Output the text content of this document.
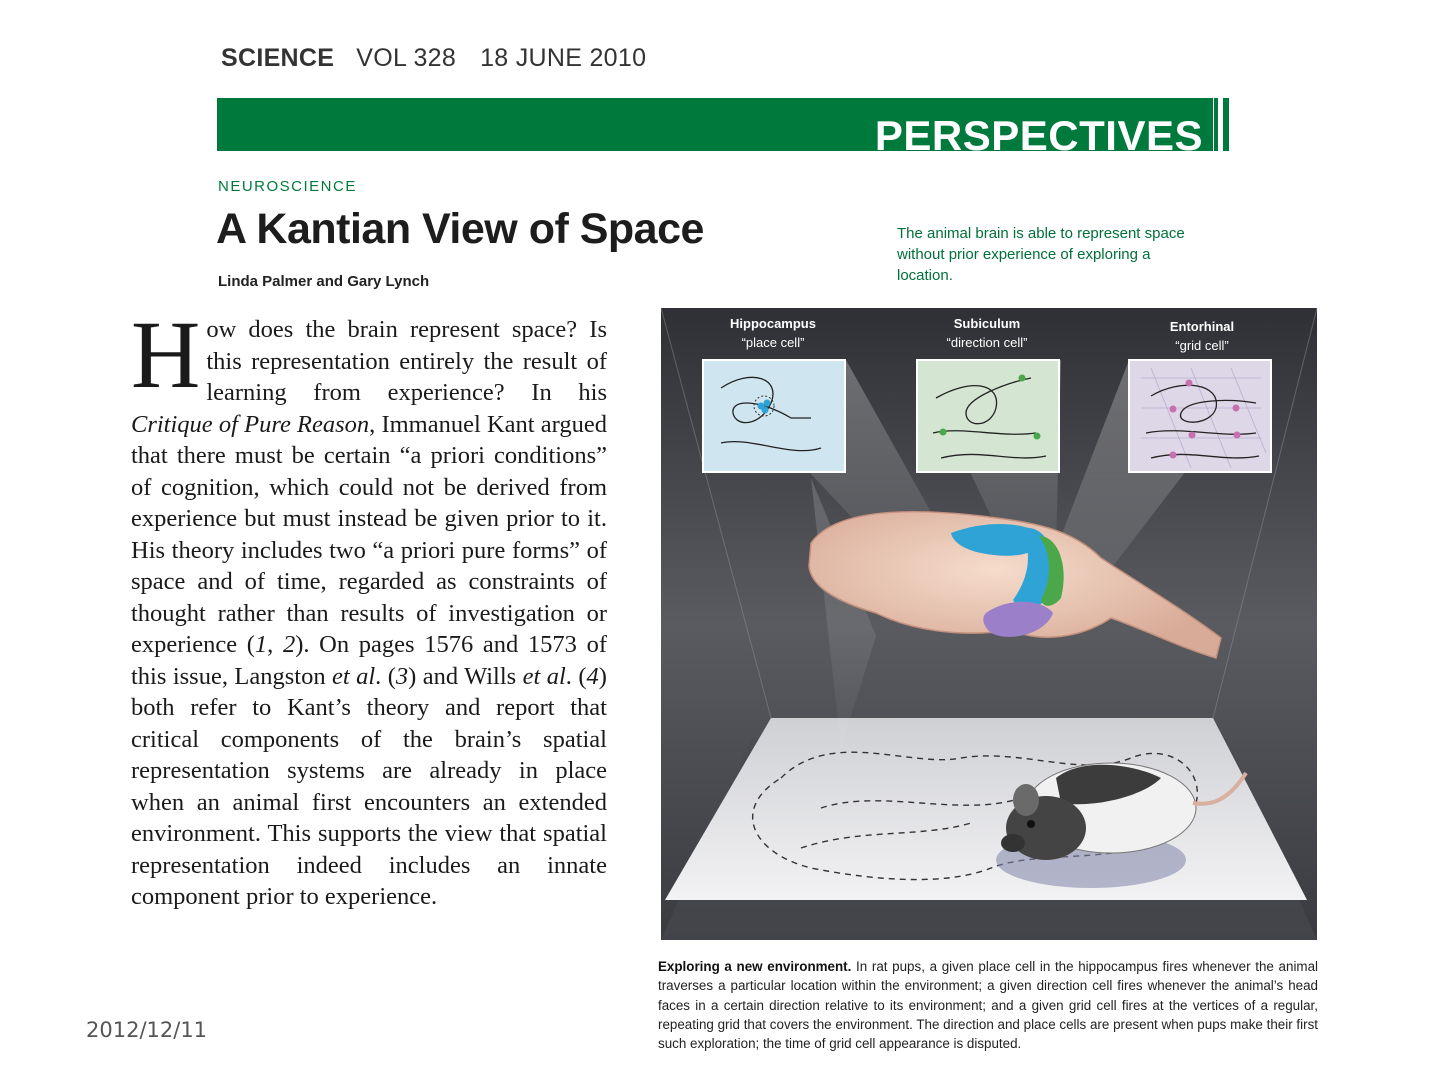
SCIENCE VOL 328 18 JUNE 2010
PERSPECTIVES
NEUROSCIENCE
A Kantian View of Space
Linda Palmer and Gary Lynch
The animal brain is able to represent space without prior experience of exploring a location.
How does the brain represent space? Is this representation entirely the result of learning from experience? In his Critique of Pure Reason, Immanuel Kant argued that there must be certain “a priori conditions” of cognition, which could not be derived from experience but must instead be given prior to it. His theory includes two “a priori pure forms” of space and of time, regarded as constraints of thought rather than results of investigation or experience (1, 2). On pages 1576 and 1573 of this issue, Langston et al. (3) and Wills et al. (4) both refer to Kant’s theory and report that critical components of the brain’s spatial representation systems are already in place when an animal first encounters an extended environment. This supports the view that spatial representation indeed includes an innate component prior to experience.
Hippocampus
“place cell”
Subiculum
“direction cell”
Entorhinal
“grid cell”
Exploring a new environment. In rat pups, a given place cell in the hippocampus fires whenever the animal traverses a particular location within the environment; a given direction cell fires whenever the animal’s head faces in a certain direction relative to its environment; and a given grid cell fires at the vertices of a regular, repeating grid that covers the environment. The direction and place cells are present when pups make their first such exploration; the time of grid cell appearance is disputed.
2012/12/11
